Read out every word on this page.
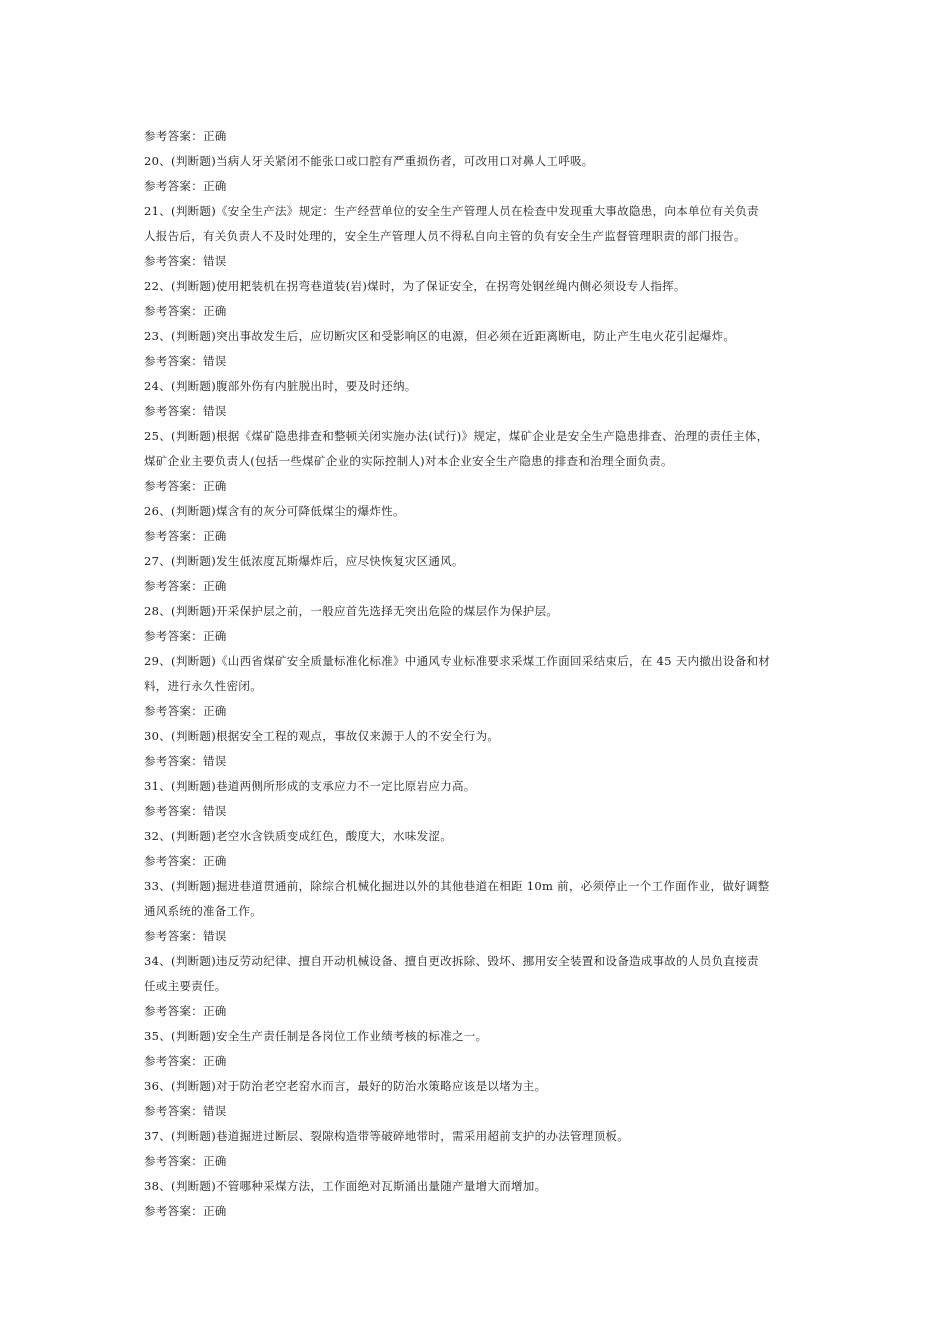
参考答案：正确
20、(判断题)当病人牙关紧闭不能张口或口腔有严重损伤者，可改用口对鼻人工呼吸。
参考答案：正确
21、(判断题)《安全生产法》规定：生产经营单位的安全生产管理人员在检查中发现重大事故隐患，向本单位有关负责
人报告后，有关负责人不及时处理的，安全生产管理人员不得私自向主管的负有安全生产监督管理职责的部门报告。
参考答案：错误
22、(判断题)使用耙装机在拐弯巷道装(岩)煤时，为了保证安全，在拐弯处钢丝绳内侧必须设专人指挥。
参考答案：正确
23、(判断题)突出事故发生后，应切断灾区和受影响区的电源，但必须在近距离断电，防止产生电火花引起爆炸。
参考答案：错误
24、(判断题)腹部外伤有内脏脱出时，要及时还纳。
参考答案：错误
25、(判断题)根据《煤矿隐患排查和整顿关闭实施办法(试行)》规定，煤矿企业是安全生产隐患排查、治理的责任主体，
煤矿企业主要负责人(包括一些煤矿企业的实际控制人)对本企业安全生产隐患的排查和治理全面负责。
参考答案：正确
26、(判断题)煤含有的灰分可降低煤尘的爆炸性。
参考答案：正确
27、(判断题)发生低浓度瓦斯爆炸后，应尽快恢复灾区通风。
参考答案：正确
28、(判断题)开采保护层之前，一般应首先选择无突出危险的煤层作为保护层。
参考答案：正确
29、(判断题)《山西省煤矿安全质量标准化标准》中通风专业标准要求采煤工作面回采结束后，在 45 天内撤出设备和材
料，进行永久性密闭。
参考答案：正确
30、(判断题)根据安全工程的观点，事故仅来源于人的不安全行为。
参考答案：错误
31、(判断题)巷道两侧所形成的支承应力不一定比原岩应力高。
参考答案：错误
32、(判断题)老空水含铁质变成红色，酸度大，水味发涩。
参考答案：正确
33、(判断题)掘进巷道贯通前，除综合机械化掘进以外的其他巷道在相距 10m 前，必须停止一个工作面作业，做好调整
通风系统的准备工作。
参考答案：错误
34、(判断题)违反劳动纪律、擅自开动机械设备、擅自更改拆除、毁坏、挪用安全装置和设备造成事故的人员负直接责
任或主要责任。
参考答案：正确
35、(判断题)安全生产责任制是各岗位工作业绩考核的标准之一。
参考答案：正确
36、(判断题)对于防治老空老窑水而言，最好的防治水策略应该是以堵为主。
参考答案：错误
37、(判断题)巷道掘进过断层、裂隙构造带等破碎地带时，需采用超前支护的办法管理顶板。
参考答案：正确
38、(判断题)不管哪种采煤方法，工作面绝对瓦斯涌出量随产量增大而增加。
参考答案：正确
